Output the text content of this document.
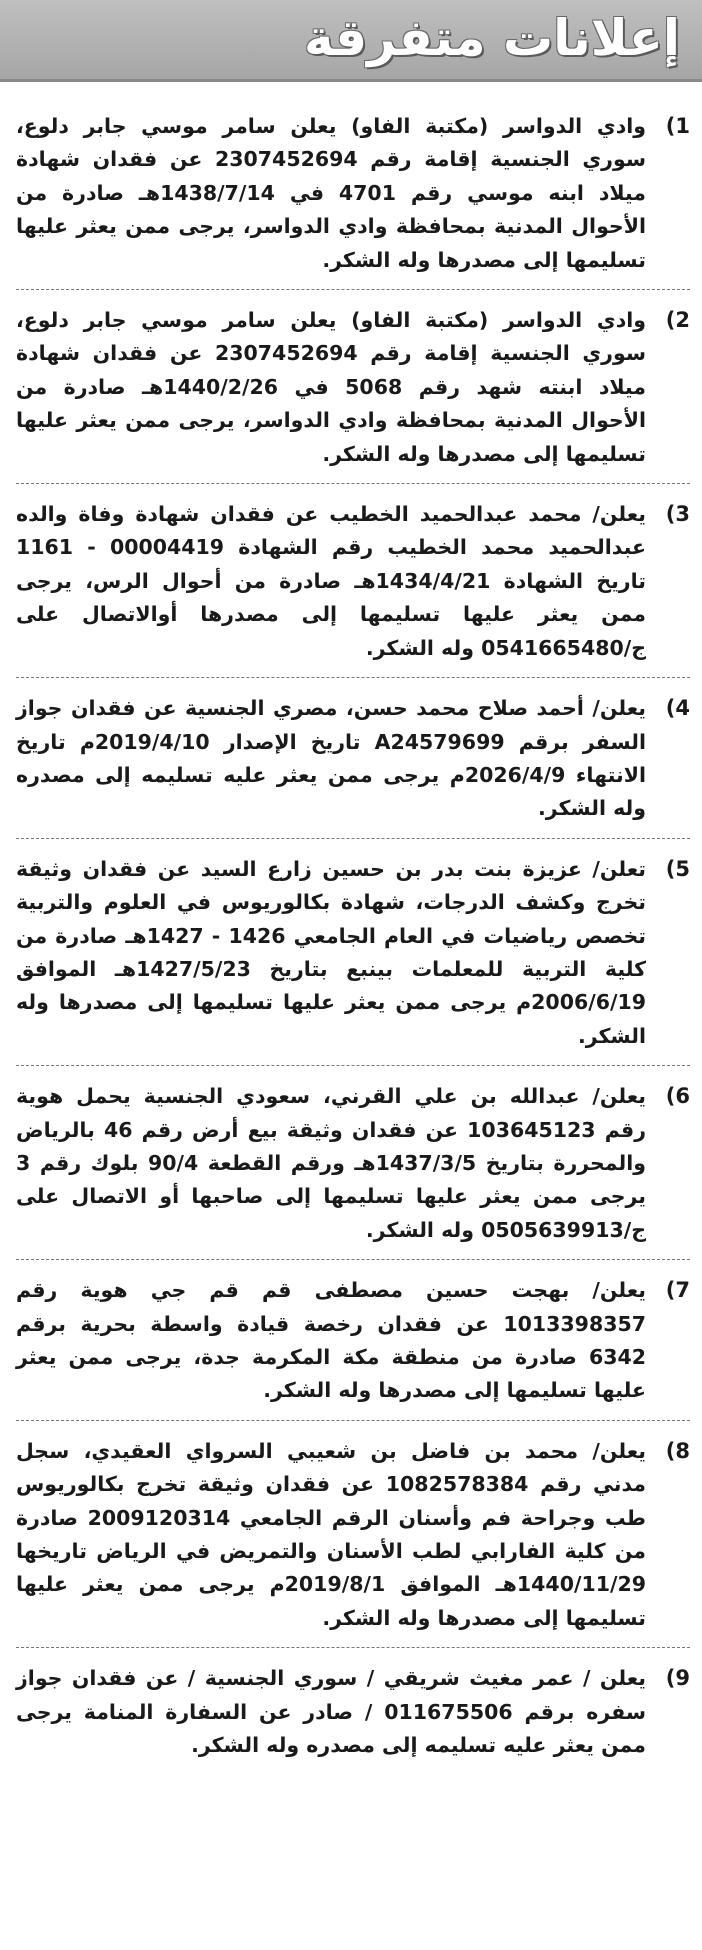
إعلانات متفرقة
1)
وادي الدواسر (مكتبة الفاو) يعلن سامر موسي جابر دلوع، سوري الجنسية إقامة رقم 2307452694 عن فقدان شهادة ميلاد ابنه موسي رقم 4701 في 1438/7/14هـ صادرة من الأحوال المدنية بمحافظة وادي الدواسر، يرجى ممن يعثر عليها تسليمها إلى مصدرها وله الشكر.
2)
وادي الدواسر (مكتبة الفاو) يعلن سامر موسي جابر دلوع، سوري الجنسية إقامة رقم 2307452694 عن فقدان شهادة ميلاد ابنته شهد رقم 5068 في 1440/2/26هـ صادرة من الأحوال المدنية بمحافظة وادي الدواسر، يرجى ممن يعثر عليها تسليمها إلى مصدرها وله الشكر.
3)
يعلن/ محمد عبدالحميد الخطيب عن فقدان شهادة وفاة والده عبدالحميد محمد الخطيب رقم الشهادة 00004419 - 1161 تاريخ الشهادة 1434/4/21هـ صادرة من أحوال الرس، يرجى ممن يعثر عليها تسليمها إلى مصدرها أوالاتصال على ج/0541665480 وله الشكر.
4)
يعلن/ أحمد صلاح محمد حسن، مصري الجنسية عن فقدان جواز السفر برقم A24579699 تاريخ الإصدار 2019/4/10م تاريخ الانتهاء 2026/4/9م يرجى ممن يعثر عليه تسليمه إلى مصدره وله الشكر.
5)
تعلن/ عزيزة بنت بدر بن حسين زارع السيد عن فقدان وثيقة تخرج وكشف الدرجات، شهادة بكالوريوس في العلوم والتربية تخصص رياضيات في العام الجامعي 1426 - 1427هـ صادرة من كلية التربية للمعلمات بينبع بتاريخ 1427/5/23هـ الموافق 2006/6/19م يرجى ممن يعثر عليها تسليمها إلى مصدرها وله الشكر.
6)
يعلن/ عبدالله بن علي القرني، سعودي الجنسية يحمل هوية رقم 103645123 عن فقدان وثيقة بيع أرض رقم 46 بالرياض والمحررة بتاريخ 1437/3/5هـ ورقم القطعة 90/4 بلوك رقم 3 يرجى ممن يعثر عليها تسليمها إلى صاحبها أو الاتصال على ج/0505639913 وله الشكر.
7)
يعلن/ بهجت حسين مصطفى قم قم جي هوية رقم 1013398357 عن فقدان رخصة قيادة واسطة بحرية برقم 6342 صادرة من منطقة مكة المكرمة جدة، يرجى ممن يعثر عليها تسليمها إلى مصدرها وله الشكر.
8)
يعلن/ محمد بن فاضل بن شعيبي السرواي العقيدي، سجل مدني رقم 1082578384 عن فقدان وثيقة تخرج بكالوريوس طب وجراحة فم وأسنان الرقم الجامعي 2009120314 صادرة من كلية الفارابي لطب الأسنان والتمريض في الرياض تاريخها 1440/11/29هـ الموافق 2019/8/1م يرجى ممن يعثر عليها تسليمها إلى مصدرها وله الشكر.
9)
يعلن / عمر مغيث شريقي / سوري الجنسية / عن فقدان جواز سفره برقم 011675506 / صادر عن السفارة المنامة يرجى ممن يعثر عليه تسليمه إلى مصدره وله الشكر.
